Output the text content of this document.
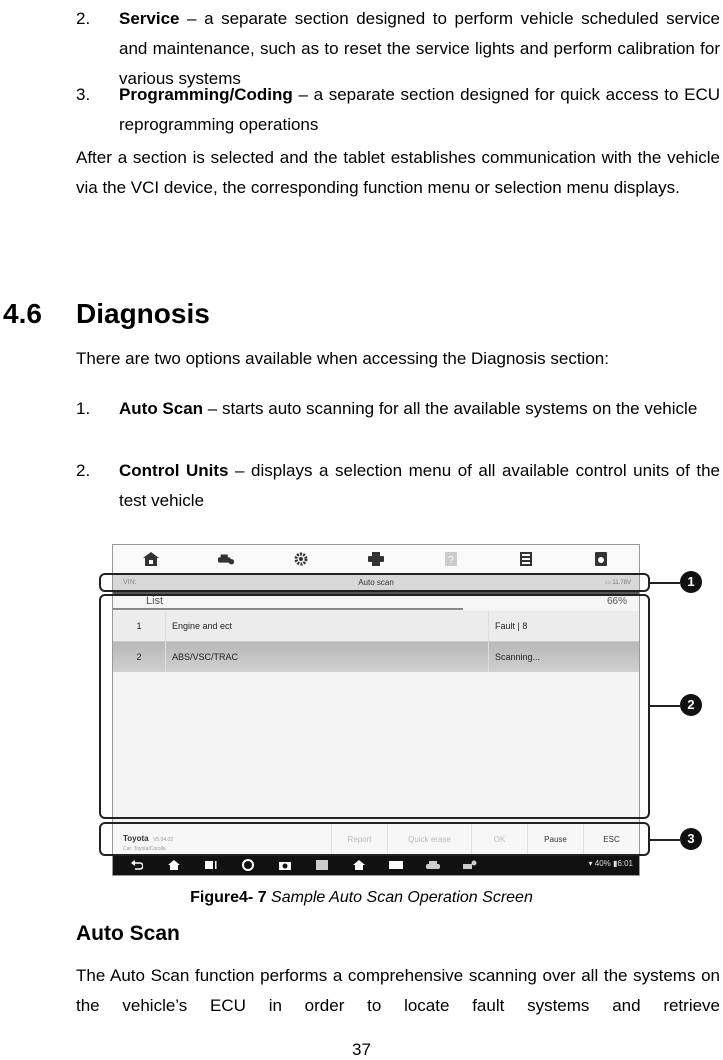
2. Service – a separate section designed to perform vehicle scheduled service and maintenance, such as to reset the service lights and perform calibration for various systems
3. Programming/Coding – a separate section designed for quick access to ECU reprogramming operations
After a section is selected and the tablet establishes communication with the vehicle via the VCI device, the corresponding function menu or selection menu displays.
4.6 Diagnosis
There are two options available when accessing the Diagnosis section:
1. Auto Scan – starts auto scanning for all the available systems on the vehicle
2. Control Units – displays a selection menu of all available control units of the test vehicle
?
VIN:	Auto scan	▭ 11.78V
List	66%
1	Engine and ect	Fault | 8
2	ABS/VSC/TRAC	Scanning...
Toyota V5.04.02
Car: Toyota/Corolla
Report	Quick erase	OK	Pause	ESC
▾ 40% ▮6:01
1
2
3
Figure4- 7 Sample Auto Scan Operation Screen
Auto Scan
The Auto Scan function performs a comprehensive scanning over all the systems on the vehicle’s ECU in order to locate fault systems and retrieve
37
